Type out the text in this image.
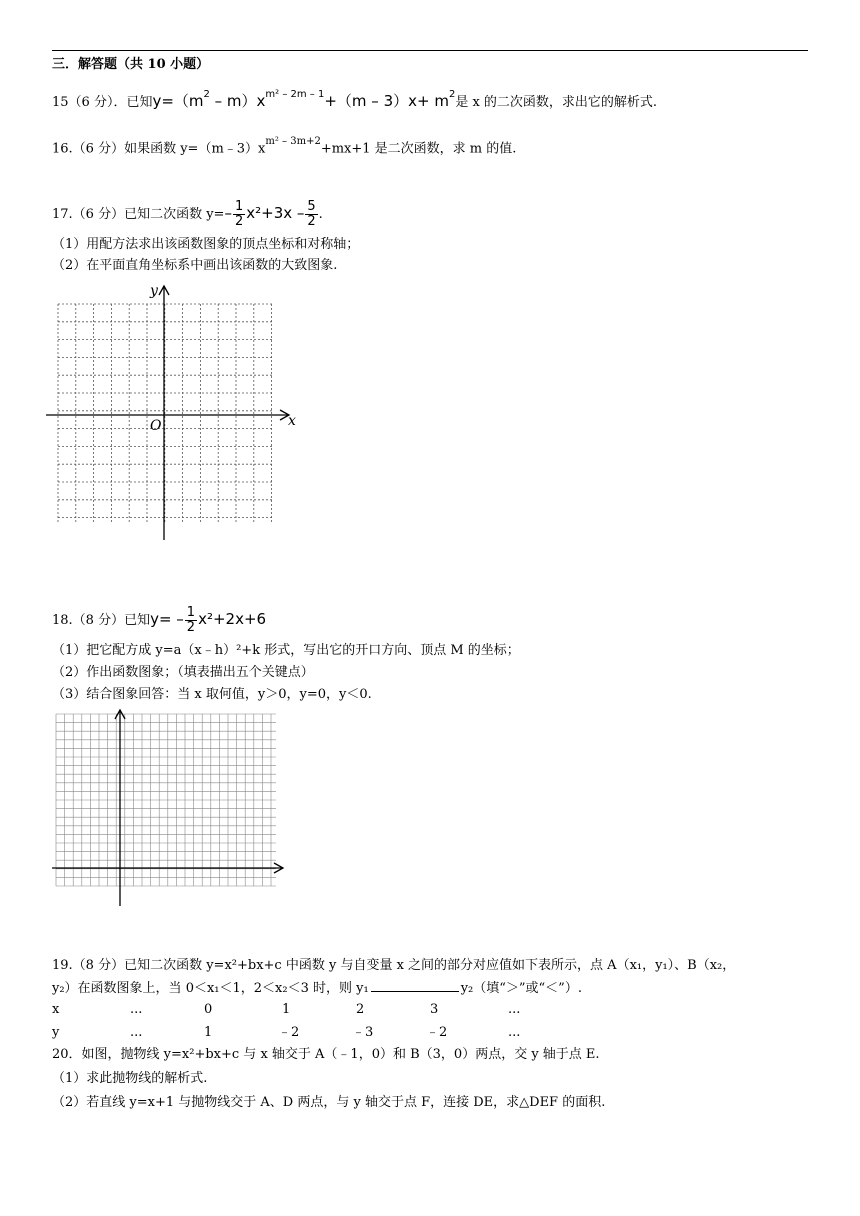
三．解答题（共 10 小题）
15（6 分）．已知$y=(m^2 - m)x^{m^2 - 2m - 1}+(m - 3)x+ m^2$是 x 的二次函数，求出它的解析式.
16.（6 分）如果函数 $y=(m﹣3)x^{m^2 - 3m+2}+mx+1$ 是二次函数，求 m 的值.
17.（6 分）已知二次函数 $y=- \frac{1}{2} x^2+3x - \frac{5}{2}$ .
（1）用配方法求出该函数图象的顶点坐标和对称轴；
（2）在平面直角坐标系中画出该函数的大致图象.
y
x
O
18.（8 分）已知$y= - \frac{1}{2} x^2+2x+6$
（1）把它配方成 y=a（x﹣h）²+k 形式，写出它的开口方向、顶点 M 的坐标；
（2）作出函数图象；（填表描出五个关键点）
（3）结合图象回答：当 x 取何值，y＞0，y=0，y＜0.
19.（8 分）已知二次函数 y=x²+bx+c 中函数 y 与自变量 x 之间的部分对应值如下表所示，点 A（x₁，y₁）、B（x₂，
y₂）在函数图象上，当 0＜x₁＜1，2＜x₂＜3 时，则 y₁	y₂（填“＞”或“＜”）.
x	...	0	1	2	3	...
y	...	1	﹣2	﹣3	﹣2	...
20．如图，抛物线 y=x²+bx+c 与 x 轴交于 A（﹣1，0）和 B（3，0）两点，交 y 轴于点 E.
（1）求此抛物线的解析式.
（2）若直线 y=x+1 与抛物线交于 A、D 两点，与 y 轴交于点 F，连接 DE，求△DEF 的面积.
